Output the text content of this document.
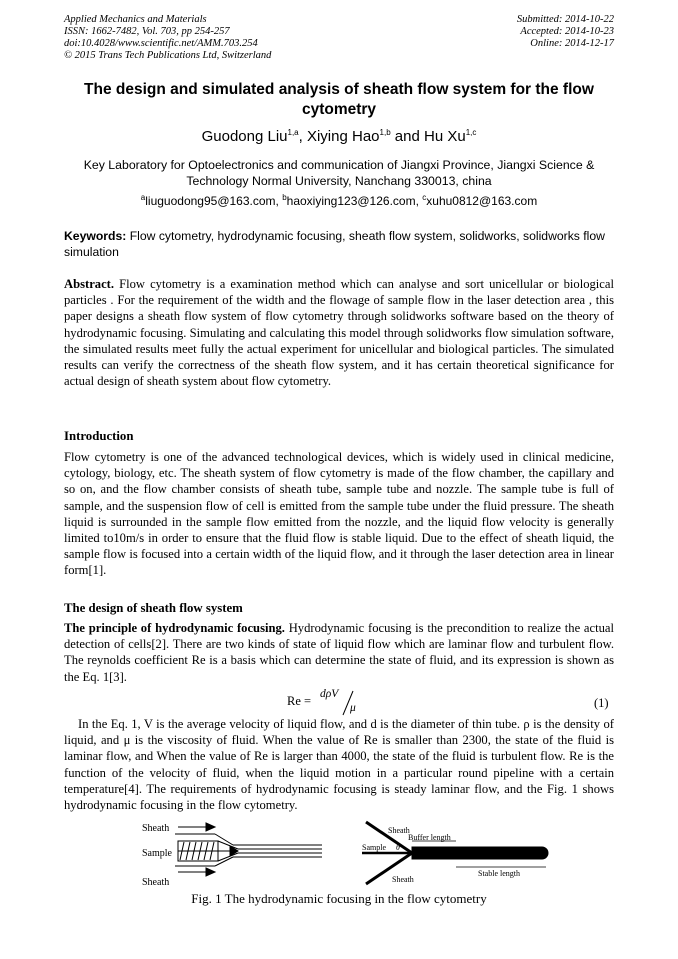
Applied Mechanics and Materials
ISSN: 1662-7482, Vol. 703, pp 254-257
doi:10.4028/www.scientific.net/AMM.703.254
© 2015 Trans Tech Publications Ltd, Switzerland
Submitted: 2014-10-22
Accepted: 2014-10-23
Online: 2014-12-17
The design and simulated analysis of sheath flow system for the flow cytometry
Guodong Liu$^{1,a}$, Xiying Hao$^{1,b}$ and Hu Xu$^{1,c}$
Key Laboratory for Optoelectronics and communication of Jiangxi Province, Jiangxi Science & Technology Normal University, Nanchang 330013, china
$^a$liuguodong95@163.com, $^b$haoxiying123@126.com, $^c$xuhu0812@163.com
Keywords: Flow cytometry, hydrodynamic focusing, sheath flow system, solidworks, solidworks flow simulation
Abstract. Flow cytometry is a examination method which can analyse and sort unicellular or biological particles . For the requirement of the width and the flowage of sample flow in the laser detection area , this paper designs a sheath flow system of flow cytometry through solidworks software based on the theory of hydrodynamic focusing. Simulating and calculating this model through solidworks flow simulation software, the simulated results meet fully the actual experiment for unicellular and biological particles. The simulated results can verify the correctness of the sheath flow system, and it has certain theoretical significance for actual design of sheath system about flow cytometry.
Introduction
Flow cytometry is one of the advanced technological devices, which is widely used in clinical medicine, cytology, biology, etc. The sheath system of flow cytometry is made of the flow chamber, the capillary and so on, and the flow chamber consists of sheath tube, sample tube and nozzle. The sample tube is full of sample, and the suspension flow of cell is emitted from the sample tube under the fluid pressure. The sheath liquid is surrounded in the sample flow emitted from the nozzle, and the liquid flow velocity is generally limited to10m/s in order to ensure that the fluid flow is stable liquid. Due to the effect of sheath liquid, the sample flow is focused into a certain width of the liquid flow, and it through the laser detection area in linear form[1].
The design of sheath flow system
The principle of hydrodynamic focusing. Hydrodynamic focusing is the precondition to realize the actual detection of cells[2]. There are two kinds of state of liquid flow which are laminar flow and turbulent flow. The reynolds coefficient Re is a basis which can determine the state of fluid, and its expression is shown as the Eq. 1[3].
Re = dρV
μ	(1)
In the Eq. 1, V is the average velocity of liquid flow, and d is the diameter of thin tube. ρ is the density of liquid, and μ is the viscosity of fluid. When the value of Re is smaller than 2300, the state of the fluid is laminar flow, and When the value of Re is larger than 4000, the state of the fluid is turbulent flow. Re is the function of the velocity of fluid, when the liquid motion in a particular round pipeline with a certain temperature[4]. The requirements of hydrodynamic focusing is steady laminar flow, and the Fig. 1 shows hydrodynamic focusing in the flow cytometry.
Sheath
Sample
Sheath
Sheath
Buffer length
Sample θ
Stable length
Sheath
Fig. 1 The hydrodynamic focusing in the flow cytometry
